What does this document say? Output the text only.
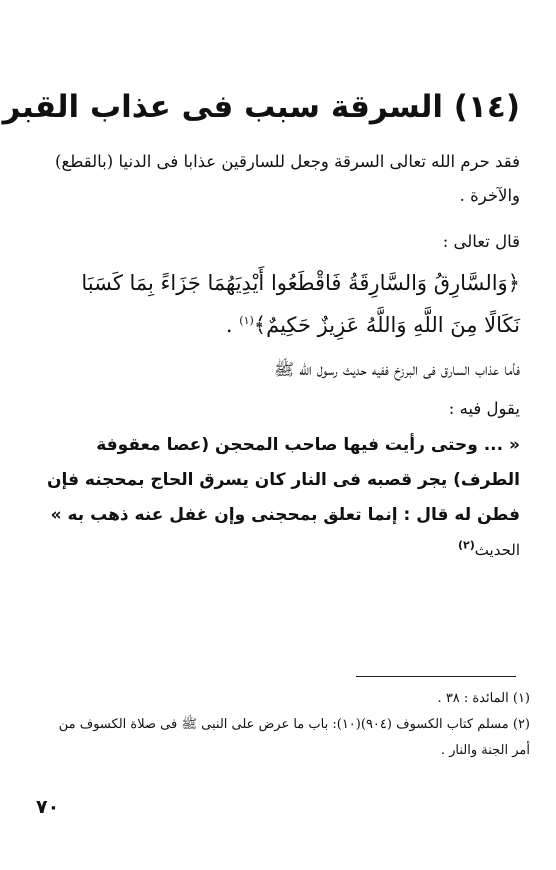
(١٤) السرقة سبب فى عذاب القبر

فقد حرم الله تعالى السرقة وجعل للسارقين عذابا فى الدنيا (بالقطع) والآخرة .

قال تعالى :

﴿وَالسَّارِقُ وَالسَّارِقَةُ فَاقْطَعُوا أَيْدِيَهُمَا جَزَاءً بِمَا كَسَبَا نَكَالًا مِنَ اللَّهِ وَاللَّهُ عَزِيزٌ حَكِيمٌ﴾$^{(١)}$ .

فأما عذاب السارق فى البرزخ ففيه حديث رسول الله ﷺ

يقول فيه :

« ... وحتى رأيت فيها صاحب المحجن (عصا معقوفة الطرف) يجر قصبه فى النار كان يسرق الحاج بمحجنه فإن فطن له قال : إنما تعلق بمحجنى وإن غفل عنه ذهب به » الحديث$^{(٢)}$

(١) المائدة : ٣٨ .
(٢) مسلم كتاب الكسوف (٩٠٤)(١٠): باب ما عرض على النبى ﷺ فى صلاة الكسوف من أمر الجنة والنار .
٧٠
